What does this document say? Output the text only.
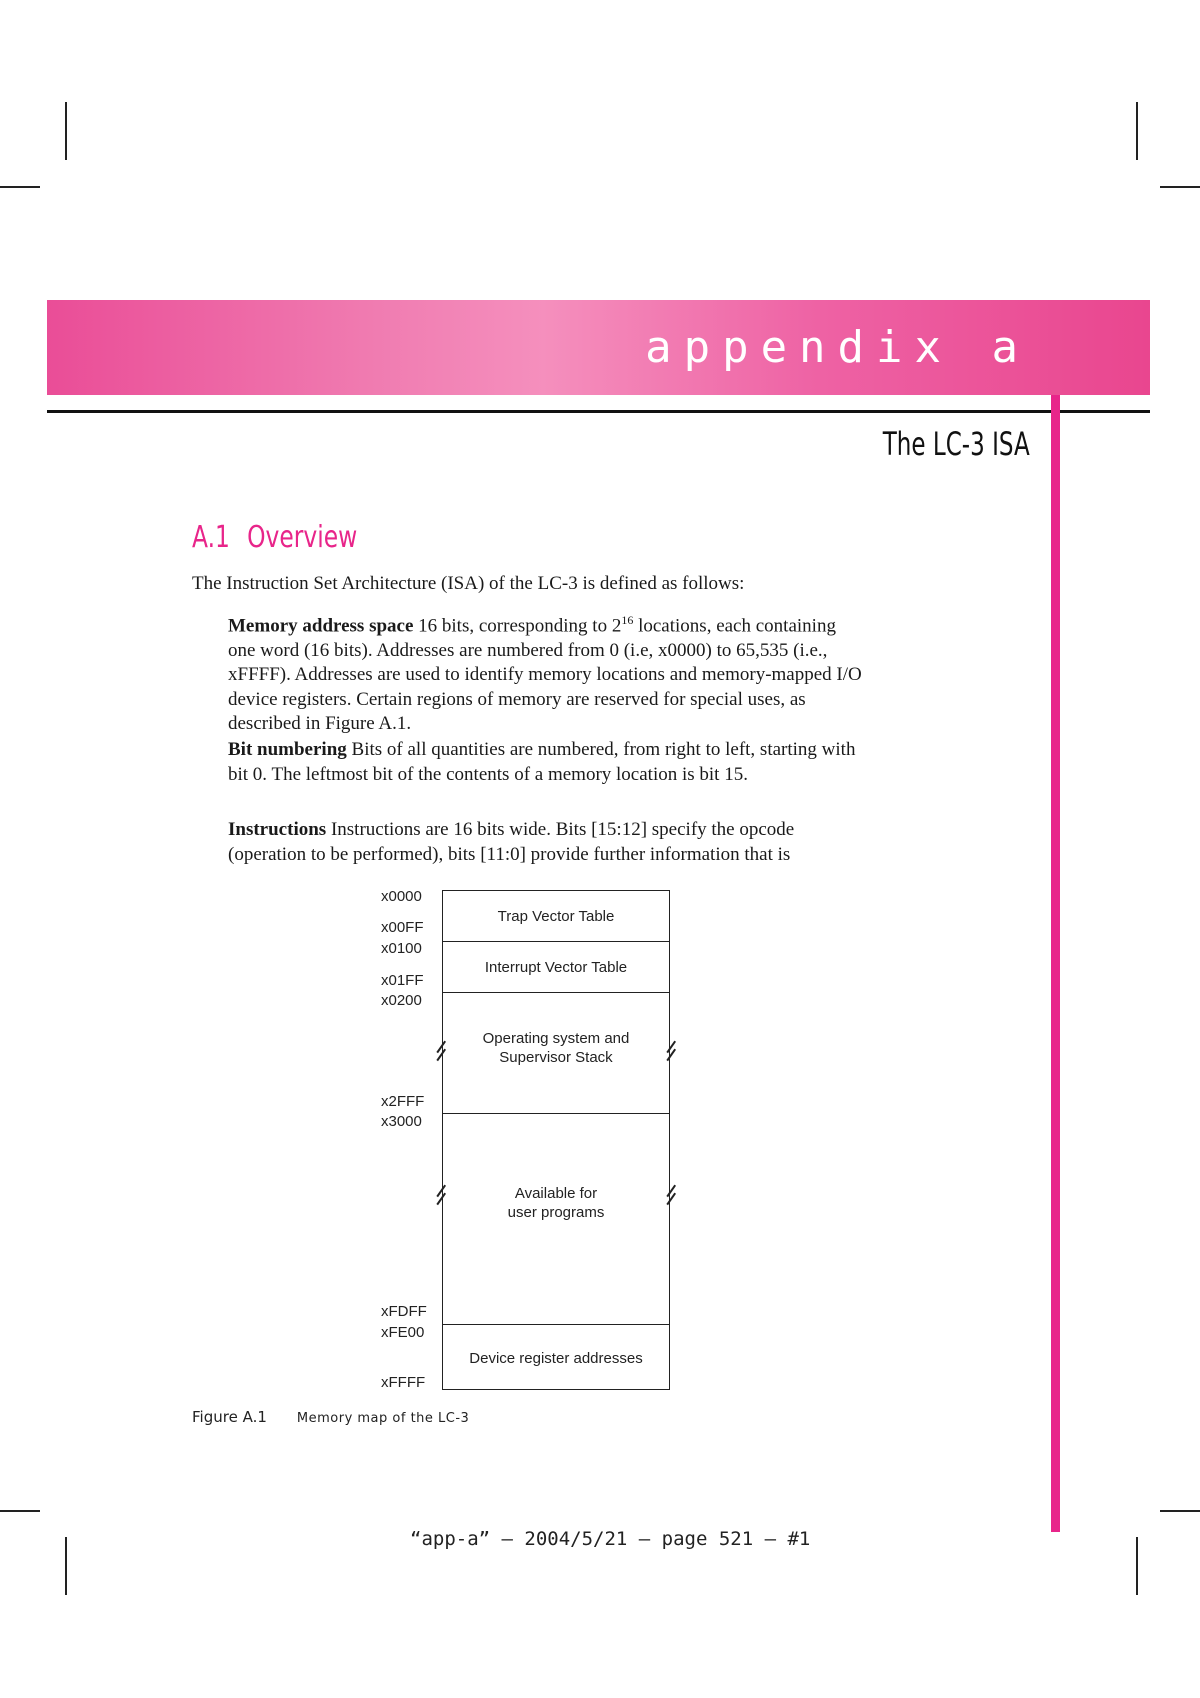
appendix a
The LC-3 ISA
A.1 Overview
The Instruction Set Architecture (ISA) of the LC-3 is defined as follows:
Memory address space 16 bits, corresponding to $2^{16}$ locations, each containing one word (16 bits). Addresses are numbered from 0 (i.e, x0000) to 65,535 (i.e., xFFFF). Addresses are used to identify memory locations and memory-mapped I/O device registers. Certain regions of memory are reserved for special uses, as described in Figure A.1.
Bit numbering Bits of all quantities are numbered, from right to left, starting with bit 0. The leftmost bit of the contents of a memory location is bit 15.
Instructions Instructions are 16 bits wide. Bits [15:12] specify the opcode (operation to be performed), bits [11:0] provide further information that is
Trap Vector Table
Interrupt Vector Table
Operating system and Supervisor Stack
Available for user programs
Device register addresses
x0000
x00FF
x0100
x01FF
x0200
x2FFF
x3000
xFDFF
xFE00
xFFFF
Figure A.1 Memory map of the LC-3
“app-a” — 2004/5/21 — page 521 — #1
